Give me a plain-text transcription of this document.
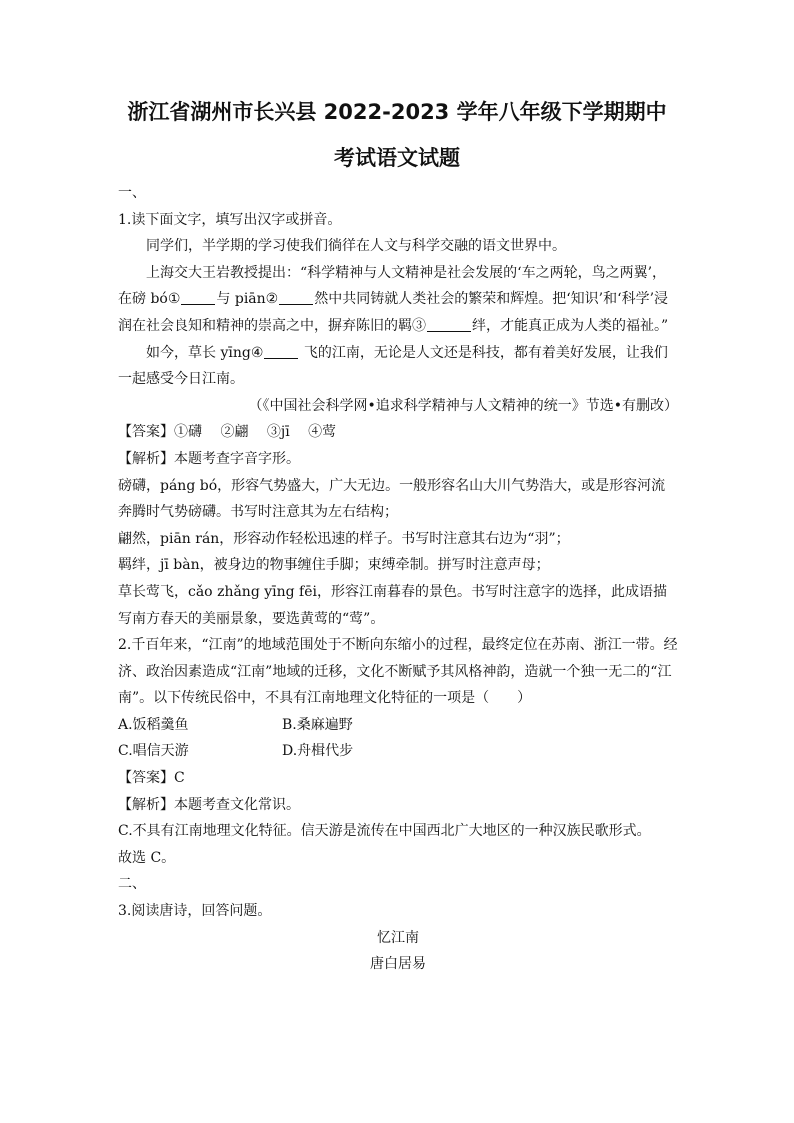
浙江省湖州市长兴县 2022-2023 学年八年级下学期期中
考试语文试题

一、

1.读下面文字，填写出汉字或拼音。

同学们，半学期的学习使我们徜徉在人文与科学交融的语文世界中。

上海交大王岩教授提出：“科学精神与人文精神是社会发展的‘车之两轮，鸟之两翼’，在磅 bó①	与 piān②	然中共同铸就人类社会的繁荣和辉煌。把‘知识’和‘科学’浸润在社会良知和精神的崇高之中，摒弃陈旧的羁③	绊，才能真正成为人类的福祉。”

如今，草长 yīng④	飞的江南，无论是人文还是科技，都有着美好发展，让我们一起感受今日江南。

（《中国社会科学网•追求科学精神与人文精神的统一》节选•有删改）

【答案】①礴　 ②翩　 ③jī　 ④莺

【解析】本题考查字音字形。

磅礴，páng bó，形容气势盛大，广大无边。一般形容名山大川气势浩大，或是形容河流奔腾时气势磅礴。书写时注意其为左右结构；

翩然，piān rán，形容动作轻松迅速的样子。书写时注意其右边为“羽”；

羁绊，jī bàn，被身边的物事缠住手脚；束缚牵制。拼写时注意声母；

草长莺飞，cǎo zhǎng yīng fēi，形容江南暮春的景色。书写时注意字的选择，此成语描写南方春天的美丽景象，要选黄莺的“莺”。

2.千百年来，“江南”的地域范围处于不断向东缩小的过程，最终定位在苏南、浙江一带。经济、政治因素造成“江南”地域的迁移，文化不断赋予其风格神韵，造就一个独一无二的“江南”。以下传统民俗中，不具有江南地理文化特征的一项是（　　）

A.饭稻羹鱼	B.桑麻遍野
C.唱信天游	D.舟楫代步

【答案】C

【解析】本题考查文化常识。

C.不具有江南地理文化特征。信天游是流传在中国西北广大地区的一种汉族民歌形式。

故选 C。

二、

3.阅读唐诗，回答问题。

忆江南

唐白居易
